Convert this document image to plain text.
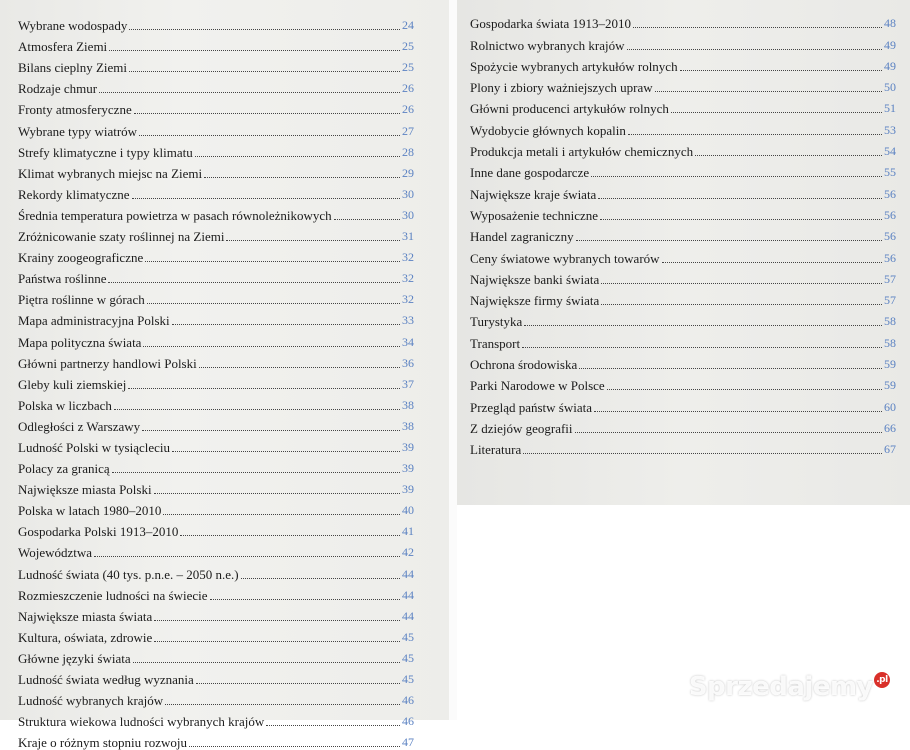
Wybrane wodospady	24
Atmosfera Ziemi	25
Bilans cieplny Ziemi	25
Rodzaje chmur	26
Fronty atmosferyczne	26
Wybrane typy wiatrów	27
Strefy klimatyczne i typy klimatu	28
Klimat wybranych miejsc na Ziemi	29
Rekordy klimatyczne	30
Średnia temperatura powietrza w pasach równoleżnikowych	30
Zróżnicowanie szaty roślinnej na Ziemi	31
Krainy zoogeograficzne	32
Państwa roślinne	32
Piętra roślinne w górach	32
Mapa administracyjna Polski	33
Mapa polityczna świata	34
Główni partnerzy handlowi Polski	36
Gleby kuli ziemskiej	37
Polska w liczbach	38
Odległości z Warszawy	38
Ludność Polski w tysiącleciu	39
Polacy za granicą	39
Największe miasta Polski	39
Polska w latach 1980–2010	40
Gospodarka Polski 1913–2010	41
Województwa	42
Ludność świata (40 tys. p.n.e. – 2050 n.e.)	44
Rozmieszczenie ludności na świecie	44
Największe miasta świata	44
Kultura, oświata, zdrowie	45
Główne języki świata	45
Ludność świata według wyznania	45
Ludność wybranych krajów	46
Struktura wiekowa ludności wybranych krajów	46
Kraje o różnym stopniu rozwoju	47
Gospodarka świata 1913–2010	48
Rolnictwo wybranych krajów	49
Spożycie wybranych artykułów rolnych	49
Plony i zbiory ważniejszych upraw	50
Główni producenci artykułów rolnych	51
Wydobycie głównych kopalin	53
Produkcja metali i artykułów chemicznych	54
Inne dane gospodarcze	55
Największe kraje świata	56
Wyposażenie techniczne	56
Handel zagraniczny	56
Ceny światowe wybranych towarów	56
Największe banki świata	57
Największe firmy świata	57
Turystyka	58
Transport	58
Ochrona środowiska	59
Parki Narodowe w Polsce	59
Przegląd państw świata	60
Z dziejów geografii	66
Literatura	67
Sprzedajemy .pl
